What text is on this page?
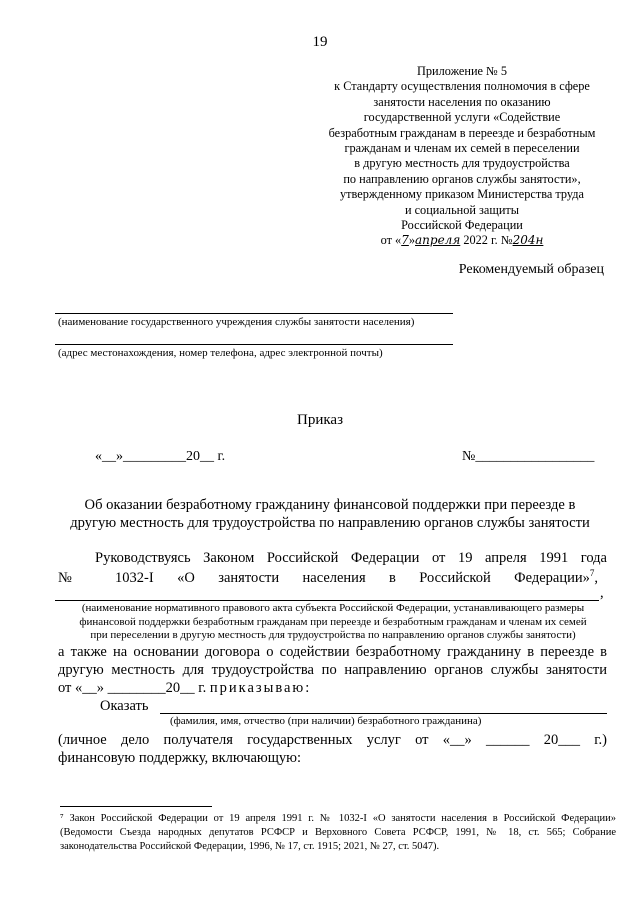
19
Приложение № 5
к Стандарту осуществления полномочия в сфере
занятости населения по оказанию
государственной услуги «Содействие
безработным гражданам в переезде и безработным
гражданам и членам их семей в переселении
в другую местность для трудоустройства
по направлению органов службы занятости»,
утвержденному приказом Министерства труда
и социальной защиты
Российской Федерации
от «7»апреля 2022 г. №204н
Рекомендуемый образец
(наименование государственного учреждения службы занятости населения)
(адрес местонахождения, номер телефона, адрес электронной почты)
Приказ
«__»_________20__ г.	№_________________
Об оказании безработному гражданину финансовой поддержки при переезде в
другую местность для трудоустройства по направлению органов службы занятости
Руководствуясь Законом Российской Федерации от 19 апреля 1991 года
№ 1032-I «О занятости населения в Российской Федерации»$^7$,
,
(наименование нормативного правового акта субъекта Российской Федерации, устанавливающего размеры
финансовой поддержки безработным гражданам при переезде и безработным гражданам и членам их семей
при переселении в другую местность для трудоустройства по направлению органов службы занятости)
а также на основании договора о содействии безработному гражданину в переезде в
другую местность для трудоустройства по направлению органов службы занятости
от «__» ________20__ г. приказываю:
Оказать
(фамилия, имя, отчество (при наличии) безработного гражданина)
(личное дело получателя государственных услуг от «__» ______ 20___ г.)
финансовую поддержку, включающую:
⁷ Закон Российской Федерации от 19 апреля 1991 г. № 1032-I «О занятости населения в Российской Федерации» (Ведомости Съезда народных депутатов РСФСР и Верховного Совета РСФСР, 1991, № 18, ст. 565; Собрание законодательства Российской Федерации, 1996, № 17, ст. 1915; 2021, № 27, ст. 5047).
